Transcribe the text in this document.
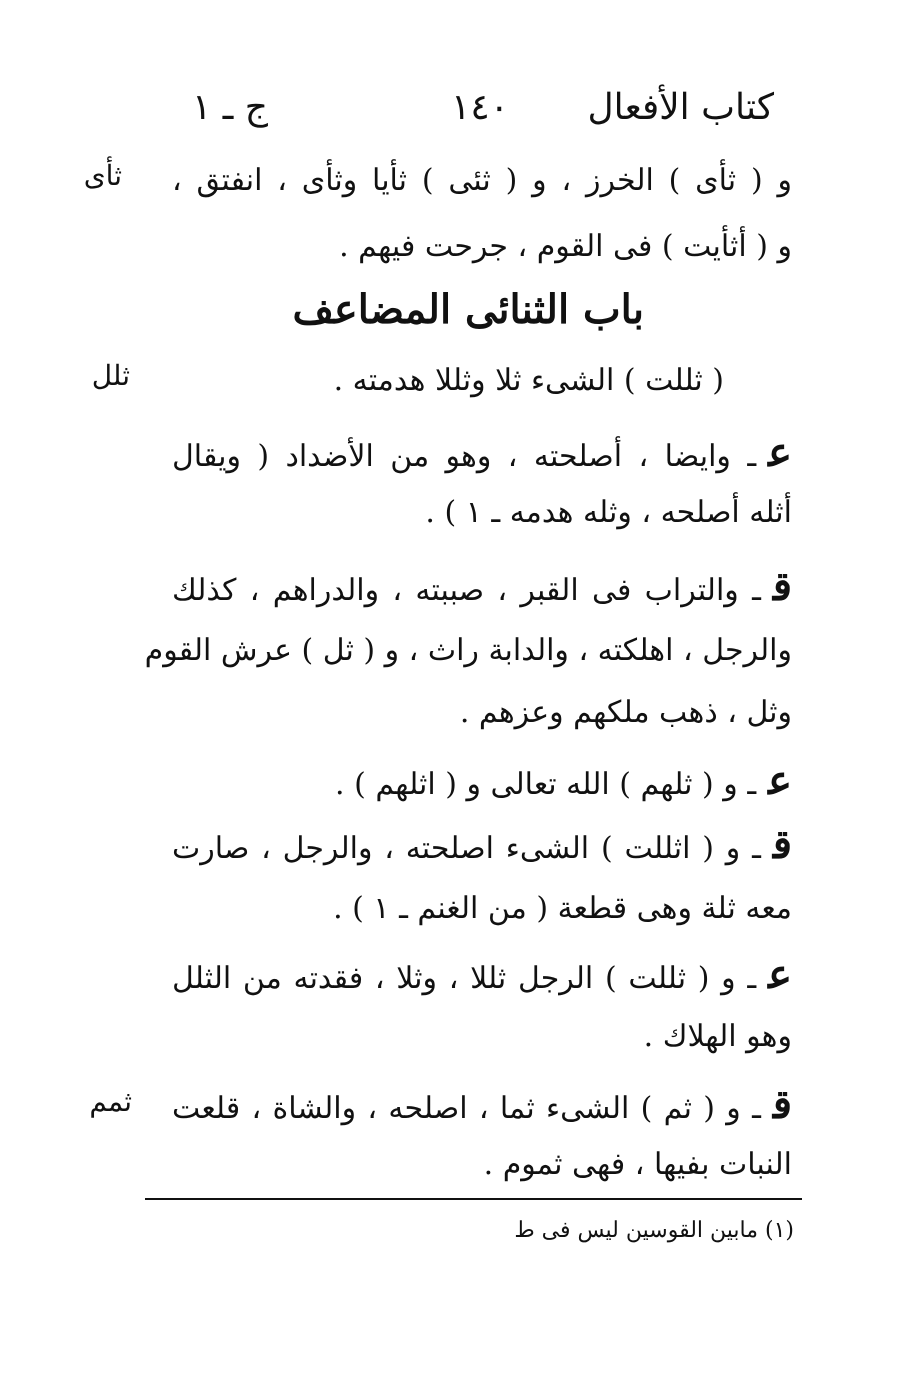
كتاب الأفعال
١٤٠
ج ـ ١
ثأى
ثلل
ثمم
و ( ثأى ) الخرز ، و ( ثئى ) ثأيا وثأى ، انفتق ،
و ( أثأيت ) فى القوم ، جرحت فيهم .
باب الثنائى المضاعف
( ثللت ) الشىء ثلا وثللا هدمته .
عـ وايضا ، أصلحته ، وهو من الأضداد ( ويقال
أثله أصلحه ، وثله هدمه ـ ١ ) .
قـ والتراب فى القبر ، صببته ، والدراهم ، كذلك
والرجل ، اهلكته ، والدابة راث ، و ( ثل ) عرش القوم
وثل ، ذهب ملكهم وعزهم .
عـ و ( ثلهم ) الله تعالى و ( اثلهم ) .
قـ و ( اثللت ) الشىء اصلحته ، والرجل ، صارت
معه ثلة وهى قطعة ( من الغنم ـ ١ ) .
عـ و ( ثللت ) الرجل ثللا ، وثلا ، فقدته من الثلل
وهو الهلاك .
قـ و ( ثم ) الشىء ثما ، اصلحه ، والشاة ، قلعت
النبات بفيها ، فهى ثموم .
(١) مابين القوسين ليس فى ط
